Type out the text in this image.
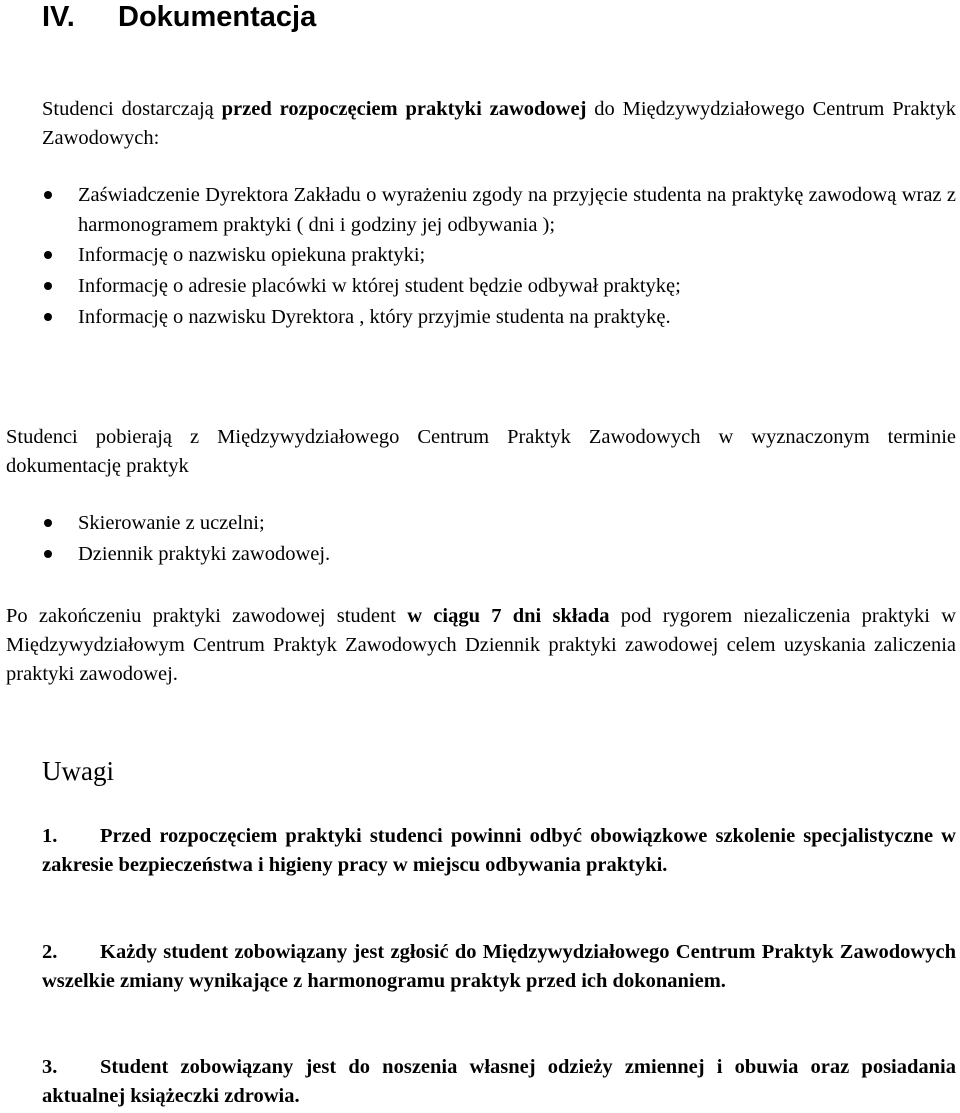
IV. Dokumentacja
Studenci dostarczają przed rozpoczęciem praktyki zawodowej do Międzywydziałowego Centrum Praktyk Zawodowych:
Zaświadczenie Dyrektora Zakładu o wyrażeniu zgody na przyjęcie studenta na praktykę zawodową wraz z harmonogramem praktyki ( dni i godziny jej odbywania );
Informację o nazwisku opiekuna praktyki;
Informację o adresie placówki w której student będzie odbywał praktykę;
Informację o nazwisku Dyrektora , który przyjmie studenta na praktykę.
Studenci pobierają z Międzywydziałowego Centrum Praktyk Zawodowych w wyznaczonym terminie dokumentację praktyk
Skierowanie z uczelni;
Dziennik praktyki zawodowej.
Po zakończeniu praktyki zawodowej student w ciągu 7 dni składa pod rygorem niezaliczenia praktyki w Międzywydziałowym Centrum Praktyk Zawodowych Dziennik praktyki zawodowej celem uzyskania zaliczenia praktyki zawodowej.
Uwagi
1. Przed rozpoczęciem praktyki studenci powinni odbyć obowiązkowe szkolenie specjalistyczne w zakresie bezpieczeństwa i higieny pracy w miejscu odbywania praktyki.
2. Każdy student zobowiązany jest zgłosić do Międzywydziałowego Centrum Praktyk Zawodowych wszelkie zmiany wynikające z harmonogramu praktyk przed ich dokonaniem.
3. Student zobowiązany jest do noszenia własnej odzieży zmiennej i obuwia oraz posiadania aktualnej książeczki zdrowia.
